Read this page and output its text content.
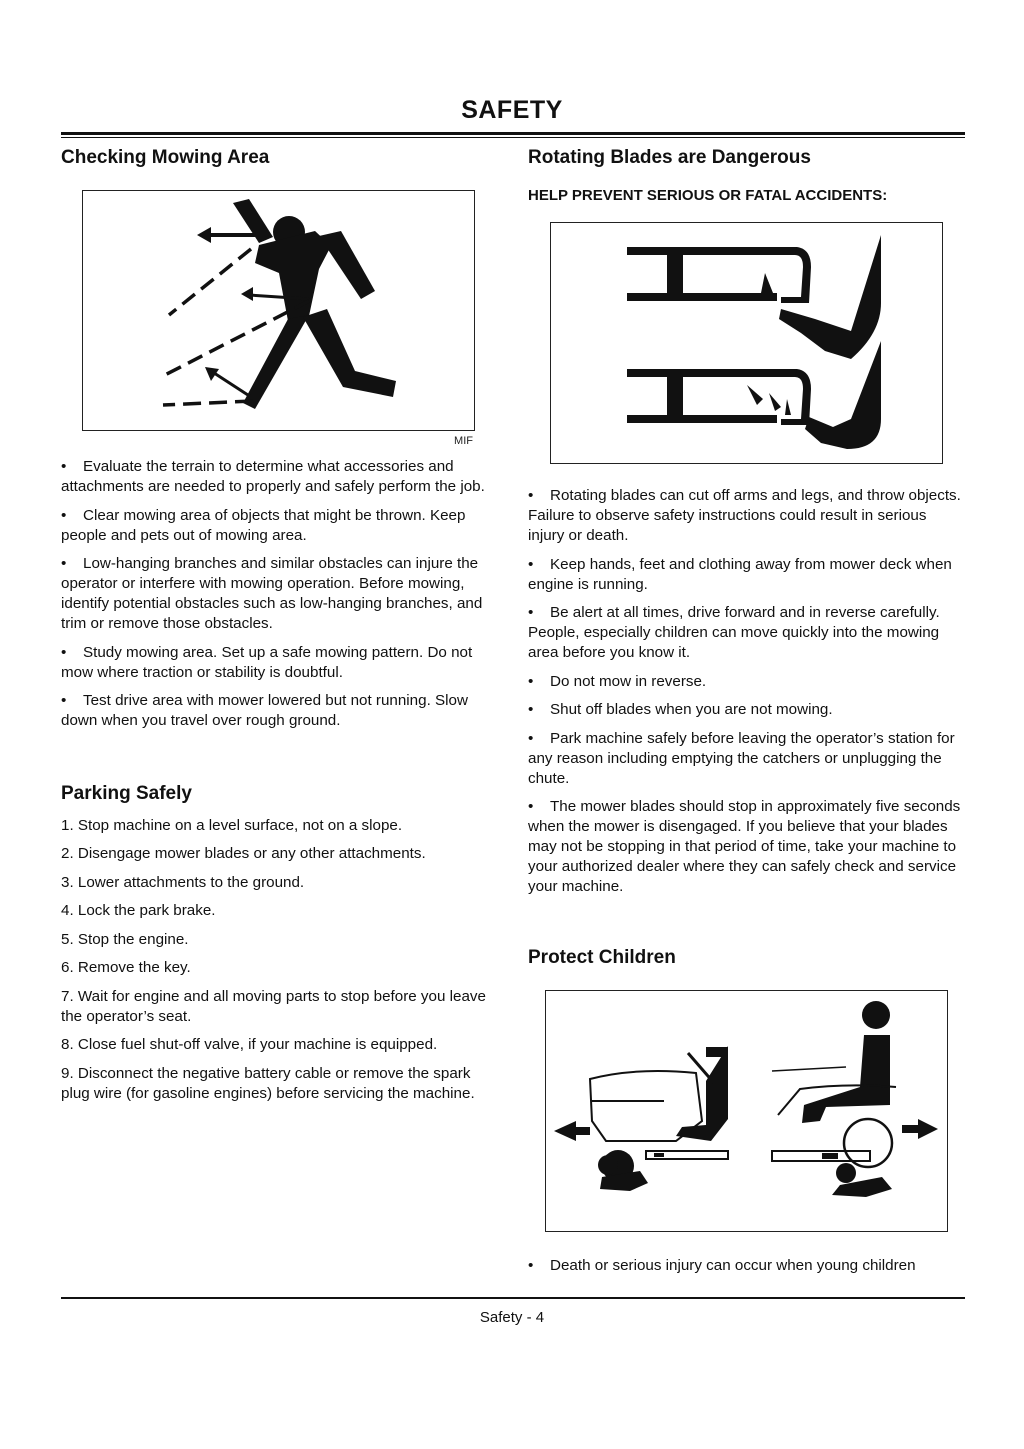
SAFETY
Checking Mowing Area
MIF

• Evaluate the terrain to determine what accessories and attachments are needed to properly and safely perform the job.

• Clear mowing area of objects that might be thrown. Keep people and pets out of mowing area.

• Low-hanging branches and similar obstacles can injure the operator or interfere with mowing operation. Before mowing, identify potential obstacles such as low-hanging branches, and trim or remove those obstacles.

• Study mowing area. Set up a safe mowing pattern. Do not mow where traction or stability is doubtful.

• Test drive area with mower lowered but not running. Slow down when you travel over rough ground.

Parking Safely

1. Stop machine on a level surface, not on a slope.

2. Disengage mower blades or any other attachments.

3. Lower attachments to the ground.

4. Lock the park brake.

5. Stop the engine.

6. Remove the key.

7. Wait for engine and all moving parts to stop before you leave the operator’s seat.

8. Close fuel shut-off valve, if your machine is equipped.

9. Disconnect the negative battery cable or remove the spark plug wire (for gasoline engines) before servicing the machine.

Rotating Blades are Dangerous

HELP PREVENT SERIOUS OR FATAL ACCIDENTS:

• Rotating blades can cut off arms and legs, and throw objects. Failure to observe safety instructions could result in serious injury or death.

• Keep hands, feet and clothing away from mower deck when engine is running.

• Be alert at all times, drive forward and in reverse carefully. People, especially children can move quickly into the mowing area before you know it.

• Do not mow in reverse.

• Shut off blades when you are not mowing.

• Park machine safely before leaving the operator’s station for any reason including emptying the catchers or unplugging the chute.

• The mower blades should stop in approximately five seconds when the mower is disengaged. If you believe that your blades may not be stopping in that period of time, take your machine to your authorized dealer where they can safely check and service your machine.

Protect Children

• Death or serious injury can occur when young children

Safety - 4
